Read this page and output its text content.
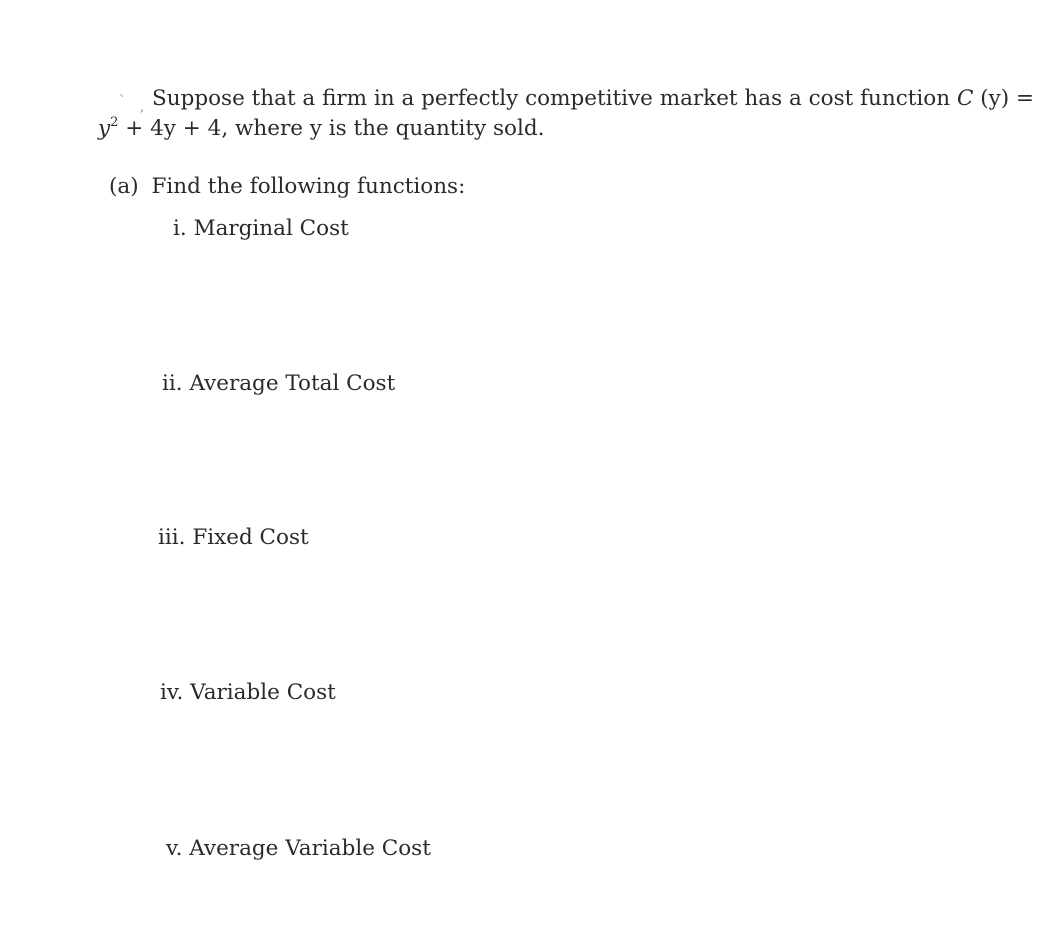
` , Suppose that a firm in a perfectly competitive market has a cost function C (y) =
$y^2 + 4y + 4$, where y is the quantity sold.
(a) Find the following functions:
i. Marginal Cost
ii. Average Total Cost
iii. Fixed Cost
iv. Variable Cost
v. Average Variable Cost
